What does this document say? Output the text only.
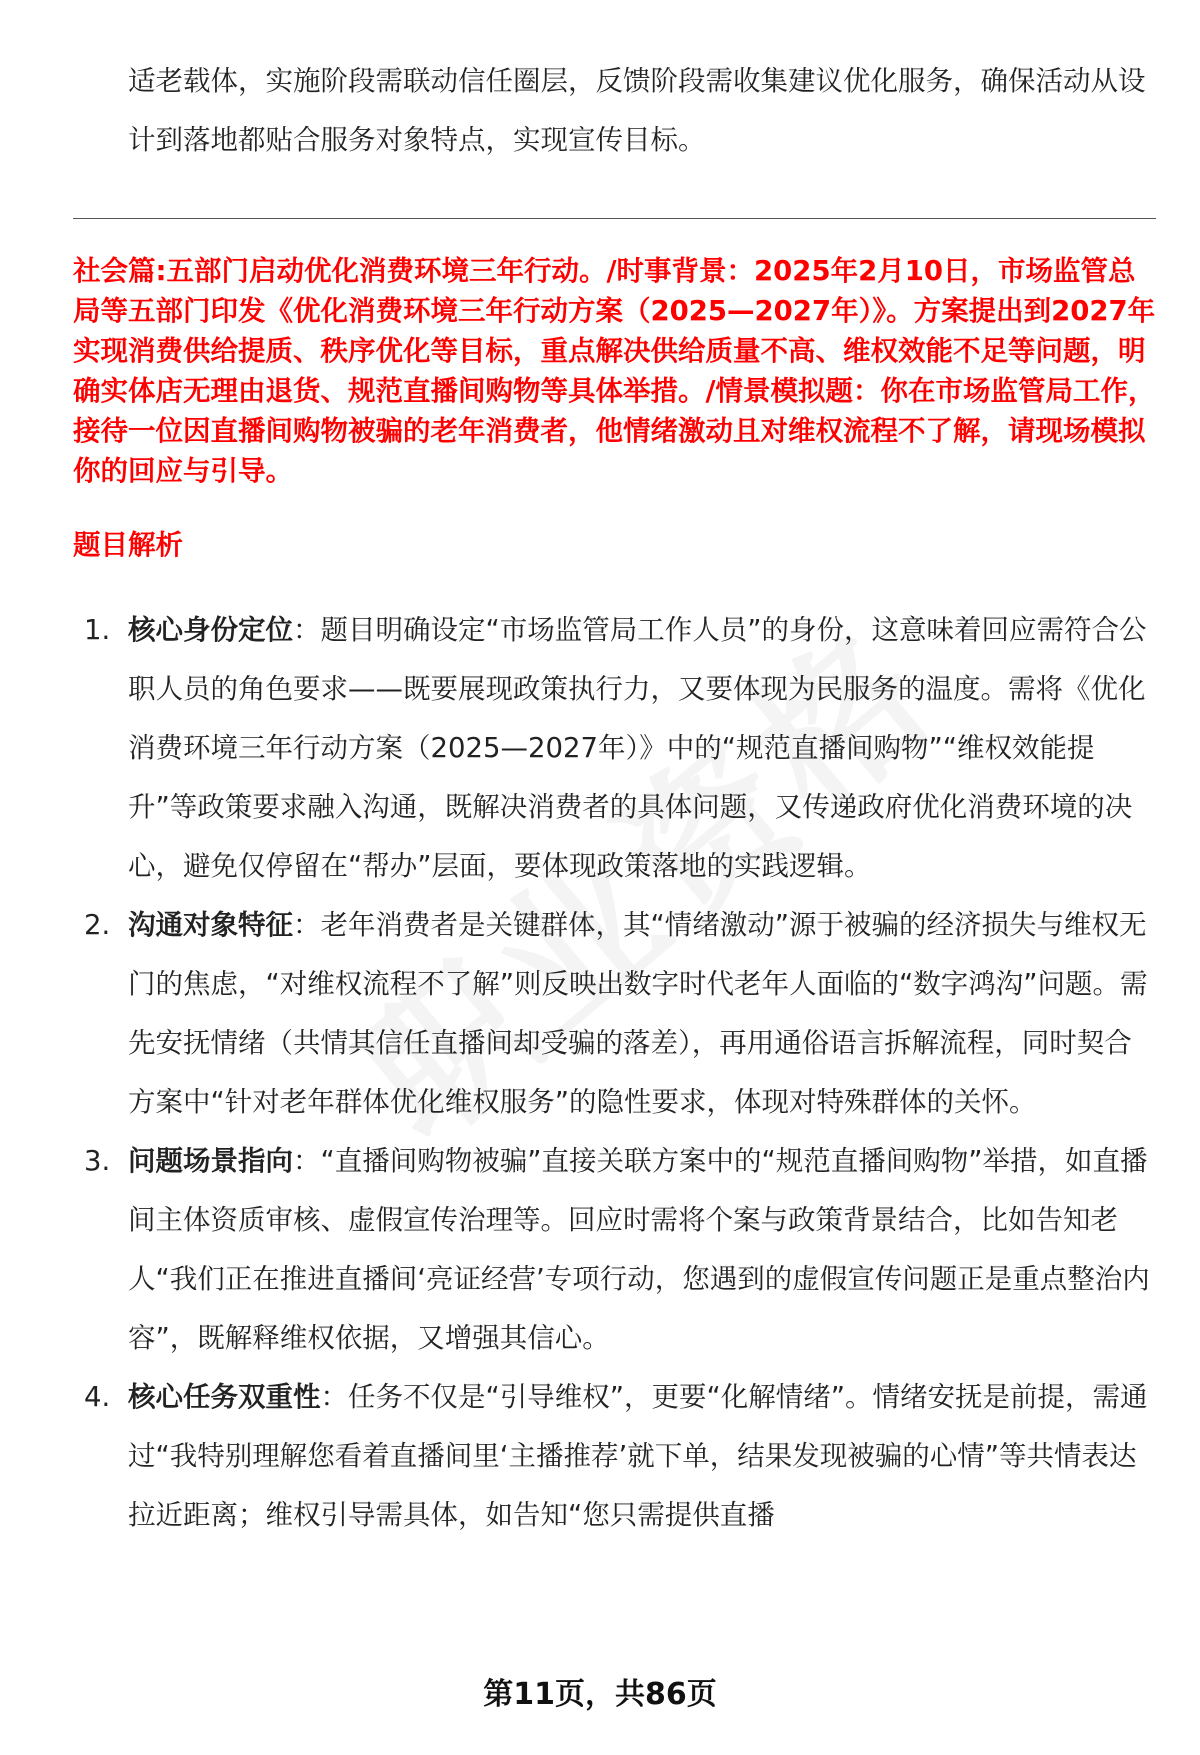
适老载体，实施阶段需联动信任圈层，反馈阶段需收集建议优化服务，确保活动从设计到落地都贴合服务对象特点，实现宣传目标。

社会篇:五部门启动优化消费环境三年行动。/时事背景：2025年2月10日，市场监管总局等五部门印发《优化消费环境三年行动方案（2025—2027年）》。方案提出到2027年实现消费供给提质、秩序优化等目标，重点解决供给质量不高、维权效能不足等问题，明确实体店无理由退货、规范直播间购物等具体举措。/情景模拟题：你在市场监管局工作，接待一位因直播间购物被骗的老年消费者，他情绪激动且对维权流程不了解，请现场模拟你的回应与引导。

题目解析
1. 核心身份定位：题目明确设定“市场监管局工作人员”的身份，这意味着回应需符合公职人员的角色要求——既要展现政策执行力，又要体现为民服务的温度。需将《优化消费环境三年行动方案（2025—2027年）》中的“规范直播间购物”“维权效能提升”等政策要求融入沟通，既解决消费者的具体问题，又传递政府优化消费环境的决心，避免仅停留在“帮办”层面，要体现政策落地的实践逻辑。
2. 沟通对象特征：老年消费者是关键群体，其“情绪激动”源于被骗的经济损失与维权无门的焦虑，“对维权流程不了解”则反映出数字时代老年人面临的“数字鸿沟”问题。需先安抚情绪（共情其信任直播间却受骗的落差），再用通俗语言拆解流程，同时契合方案中“针对老年群体优化维权服务”的隐性要求，体现对特殊群体的关怀。
3. 问题场景指向：“直播间购物被骗”直接关联方案中的“规范直播间购物”举措，如直播间主体资质审核、虚假宣传治理等。回应时需将个案与政策背景结合，比如告知老人“我们正在推进直播间‘亮证经营’专项行动，您遇到的虚假宣传问题正是重点整治内容”，既解释维权依据，又增强其信心。
4. 核心任务双重性：任务不仅是“引导维权”，更要“化解情绪”。情绪安抚是前提，需通过“我特别理解您看着直播间里‘主播推荐’就下单，结果发现被骗的心情”等共情表达拉近距离；维权引导需具体，如告知“您只需提供直播

第11页，共86页
